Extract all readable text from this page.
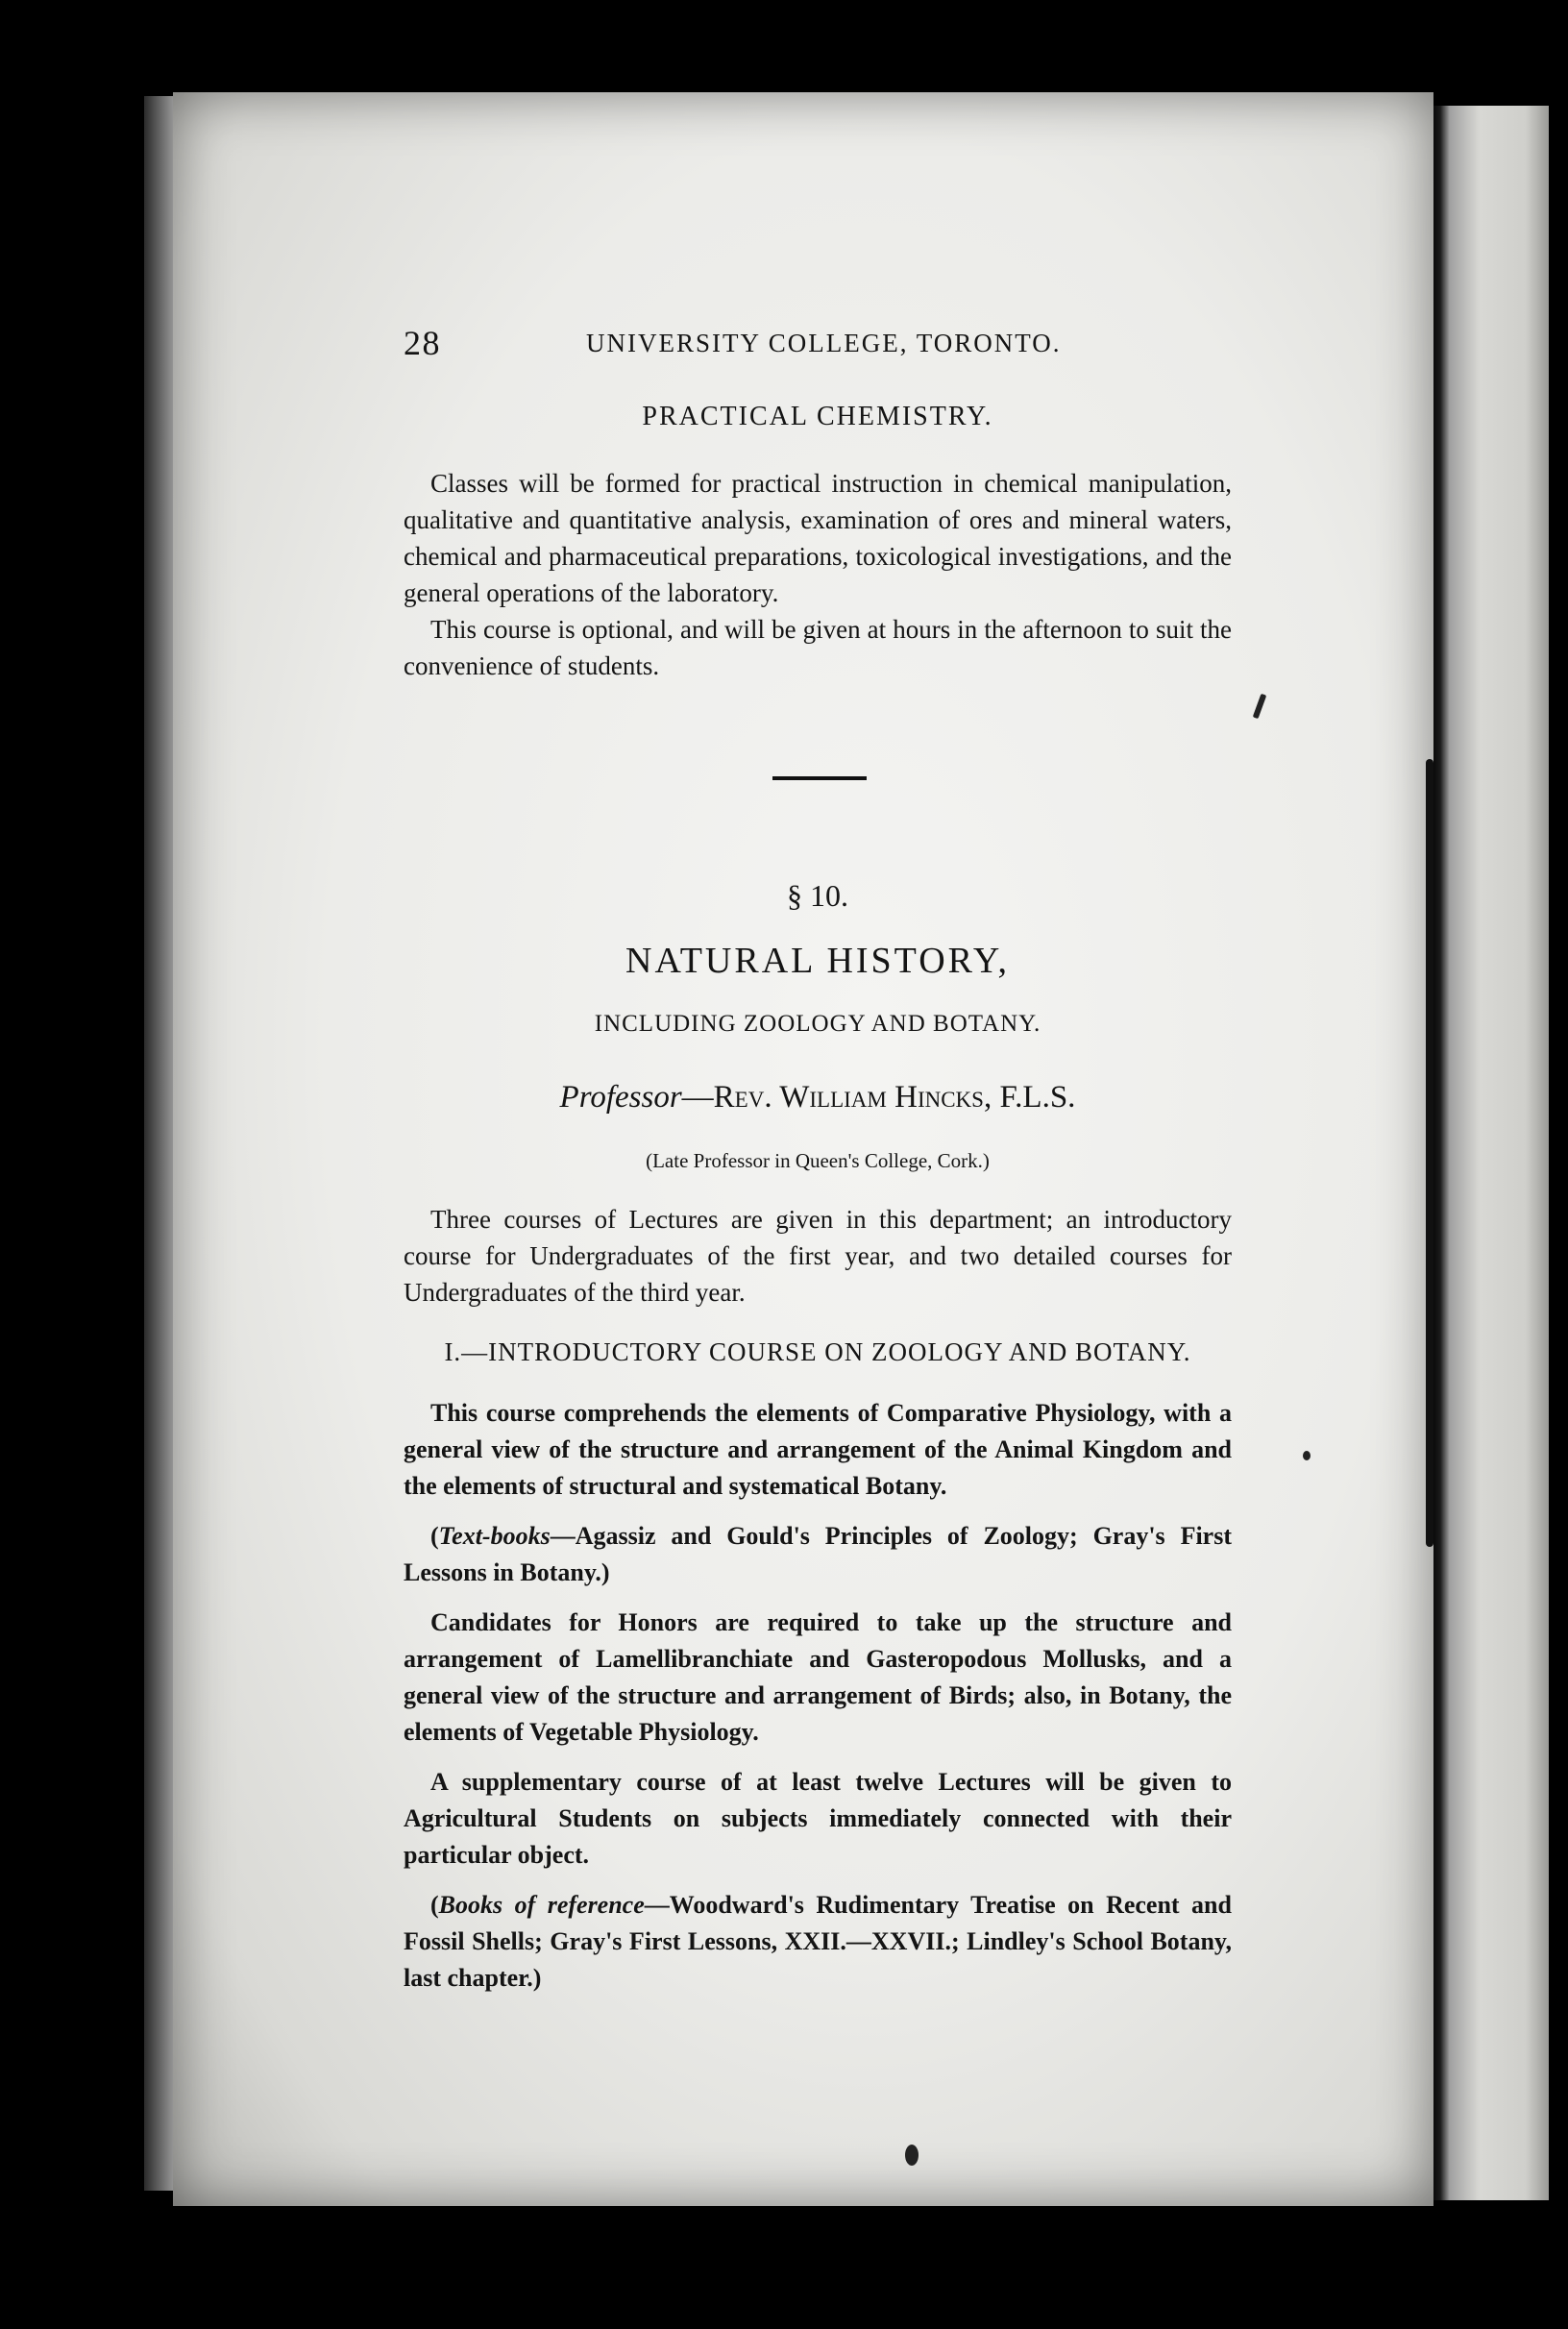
28	UNIVERSITY COLLEGE, TORONTO.
PRACTICAL CHEMISTRY.

Classes will be formed for practical instruction in chemical manipulation, qualitative and quantitative analysis, examination of ores and mineral waters, chemical and pharmaceutical preparations, toxicological investigations, and the general operations of the laboratory.

This course is optional, and will be given at hours in the afternoon to suit the convenience of students.

§ 10.
NATURAL HISTORY,
INCLUDING ZOOLOGY AND BOTANY.
Professor—Rev. William Hincks, F.L.S.
(Late Professor in Queen's College, Cork.)

Three courses of Lectures are given in this department; an introductory course for Undergraduates of the first year, and two detailed courses for Undergraduates of the third year.

I.—INTRODUCTORY COURSE ON ZOOLOGY AND BOTANY.

This course comprehends the elements of Comparative Physiology, with a general view of the structure and arrangement of the Animal Kingdom and the elements of structural and systematical Botany.

(Text-books—Agassiz and Gould's Principles of Zoology; Gray's First Lessons in Botany.)

Candidates for Honors are required to take up the structure and arrangement of Lamellibranchiate and Gasteropodous Mollusks, and a general view of the structure and arrangement of Birds; also, in Botany, the elements of Vegetable Physiology.

A supplementary course of at least twelve Lectures will be given to Agricultural Students on subjects immediately connected with their particular object.

(Books of reference—Woodward's Rudimentary Treatise on Recent and Fossil Shells; Gray's First Lessons, XXII.—XXVII.; Lindley's School Botany, last chapter.)
